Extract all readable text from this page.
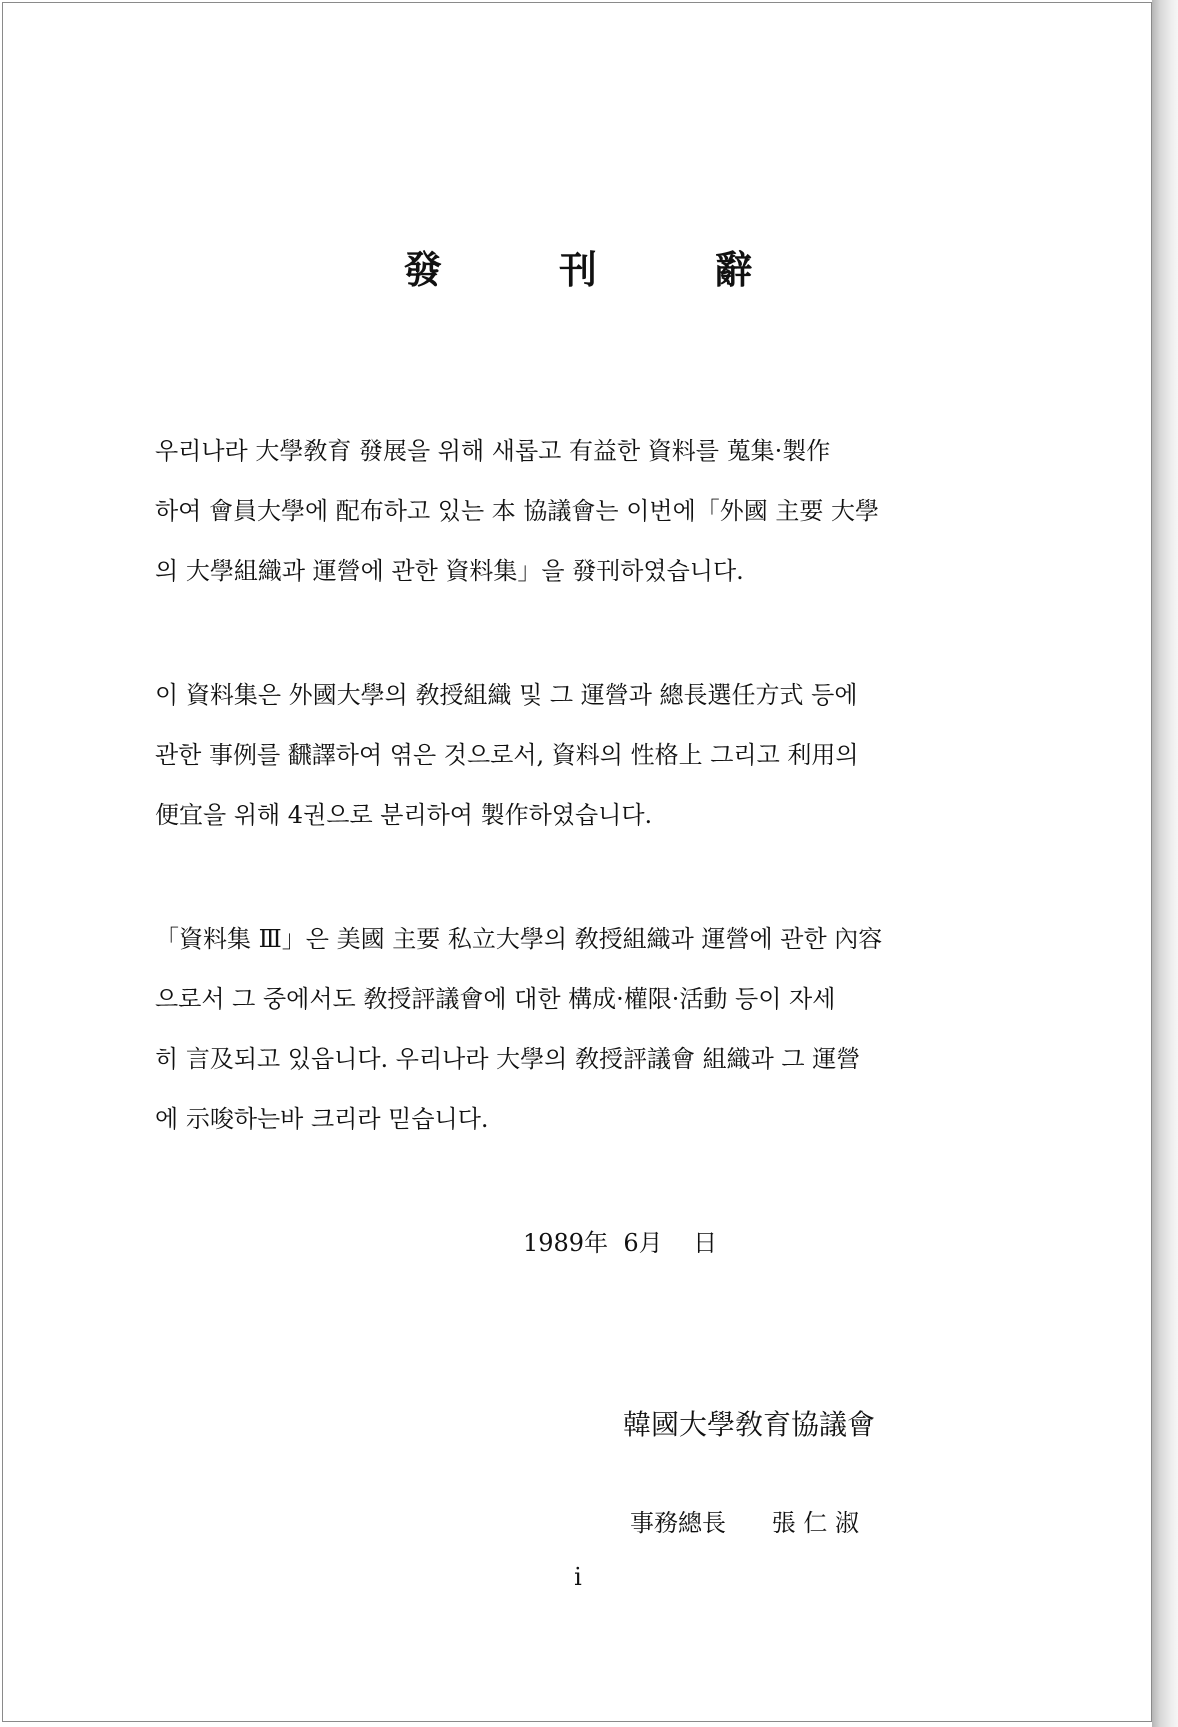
發 刊 辭
우리나라 大學敎育 發展을 위해 새롭고 有益한 資料를 蒐集·製作
하여 會員大學에 配布하고 있는 本 協議會는 이번에「外國 主要 大學
의 大學組織과 運營에 관한 資料集」을 發刊하였습니다.
이 資料集은 外國大學의 敎授組織 및 그 運營과 總長選任方式 등에
관한 事例를 飜譯하여 엮은 것으로서, 資料의 性格上 그리고 利用의
便宜을 위해 4권으로 분리하여 製作하였습니다.
「資料集 Ⅲ」은 美國 主要 私立大學의 敎授組織과 運營에 관한 內容
으로서 그 중에서도 敎授評議會에 대한 構成·權限·活動 등이 자세
히 言及되고 있읍니다. 우리나라 大學의 敎授評議會 組織과 그 運營
에 示唆하는바 크리라 믿습니다.
1989年  6月    日
韓國大學敎育協議會
事務總長 張 仁 淑
i
